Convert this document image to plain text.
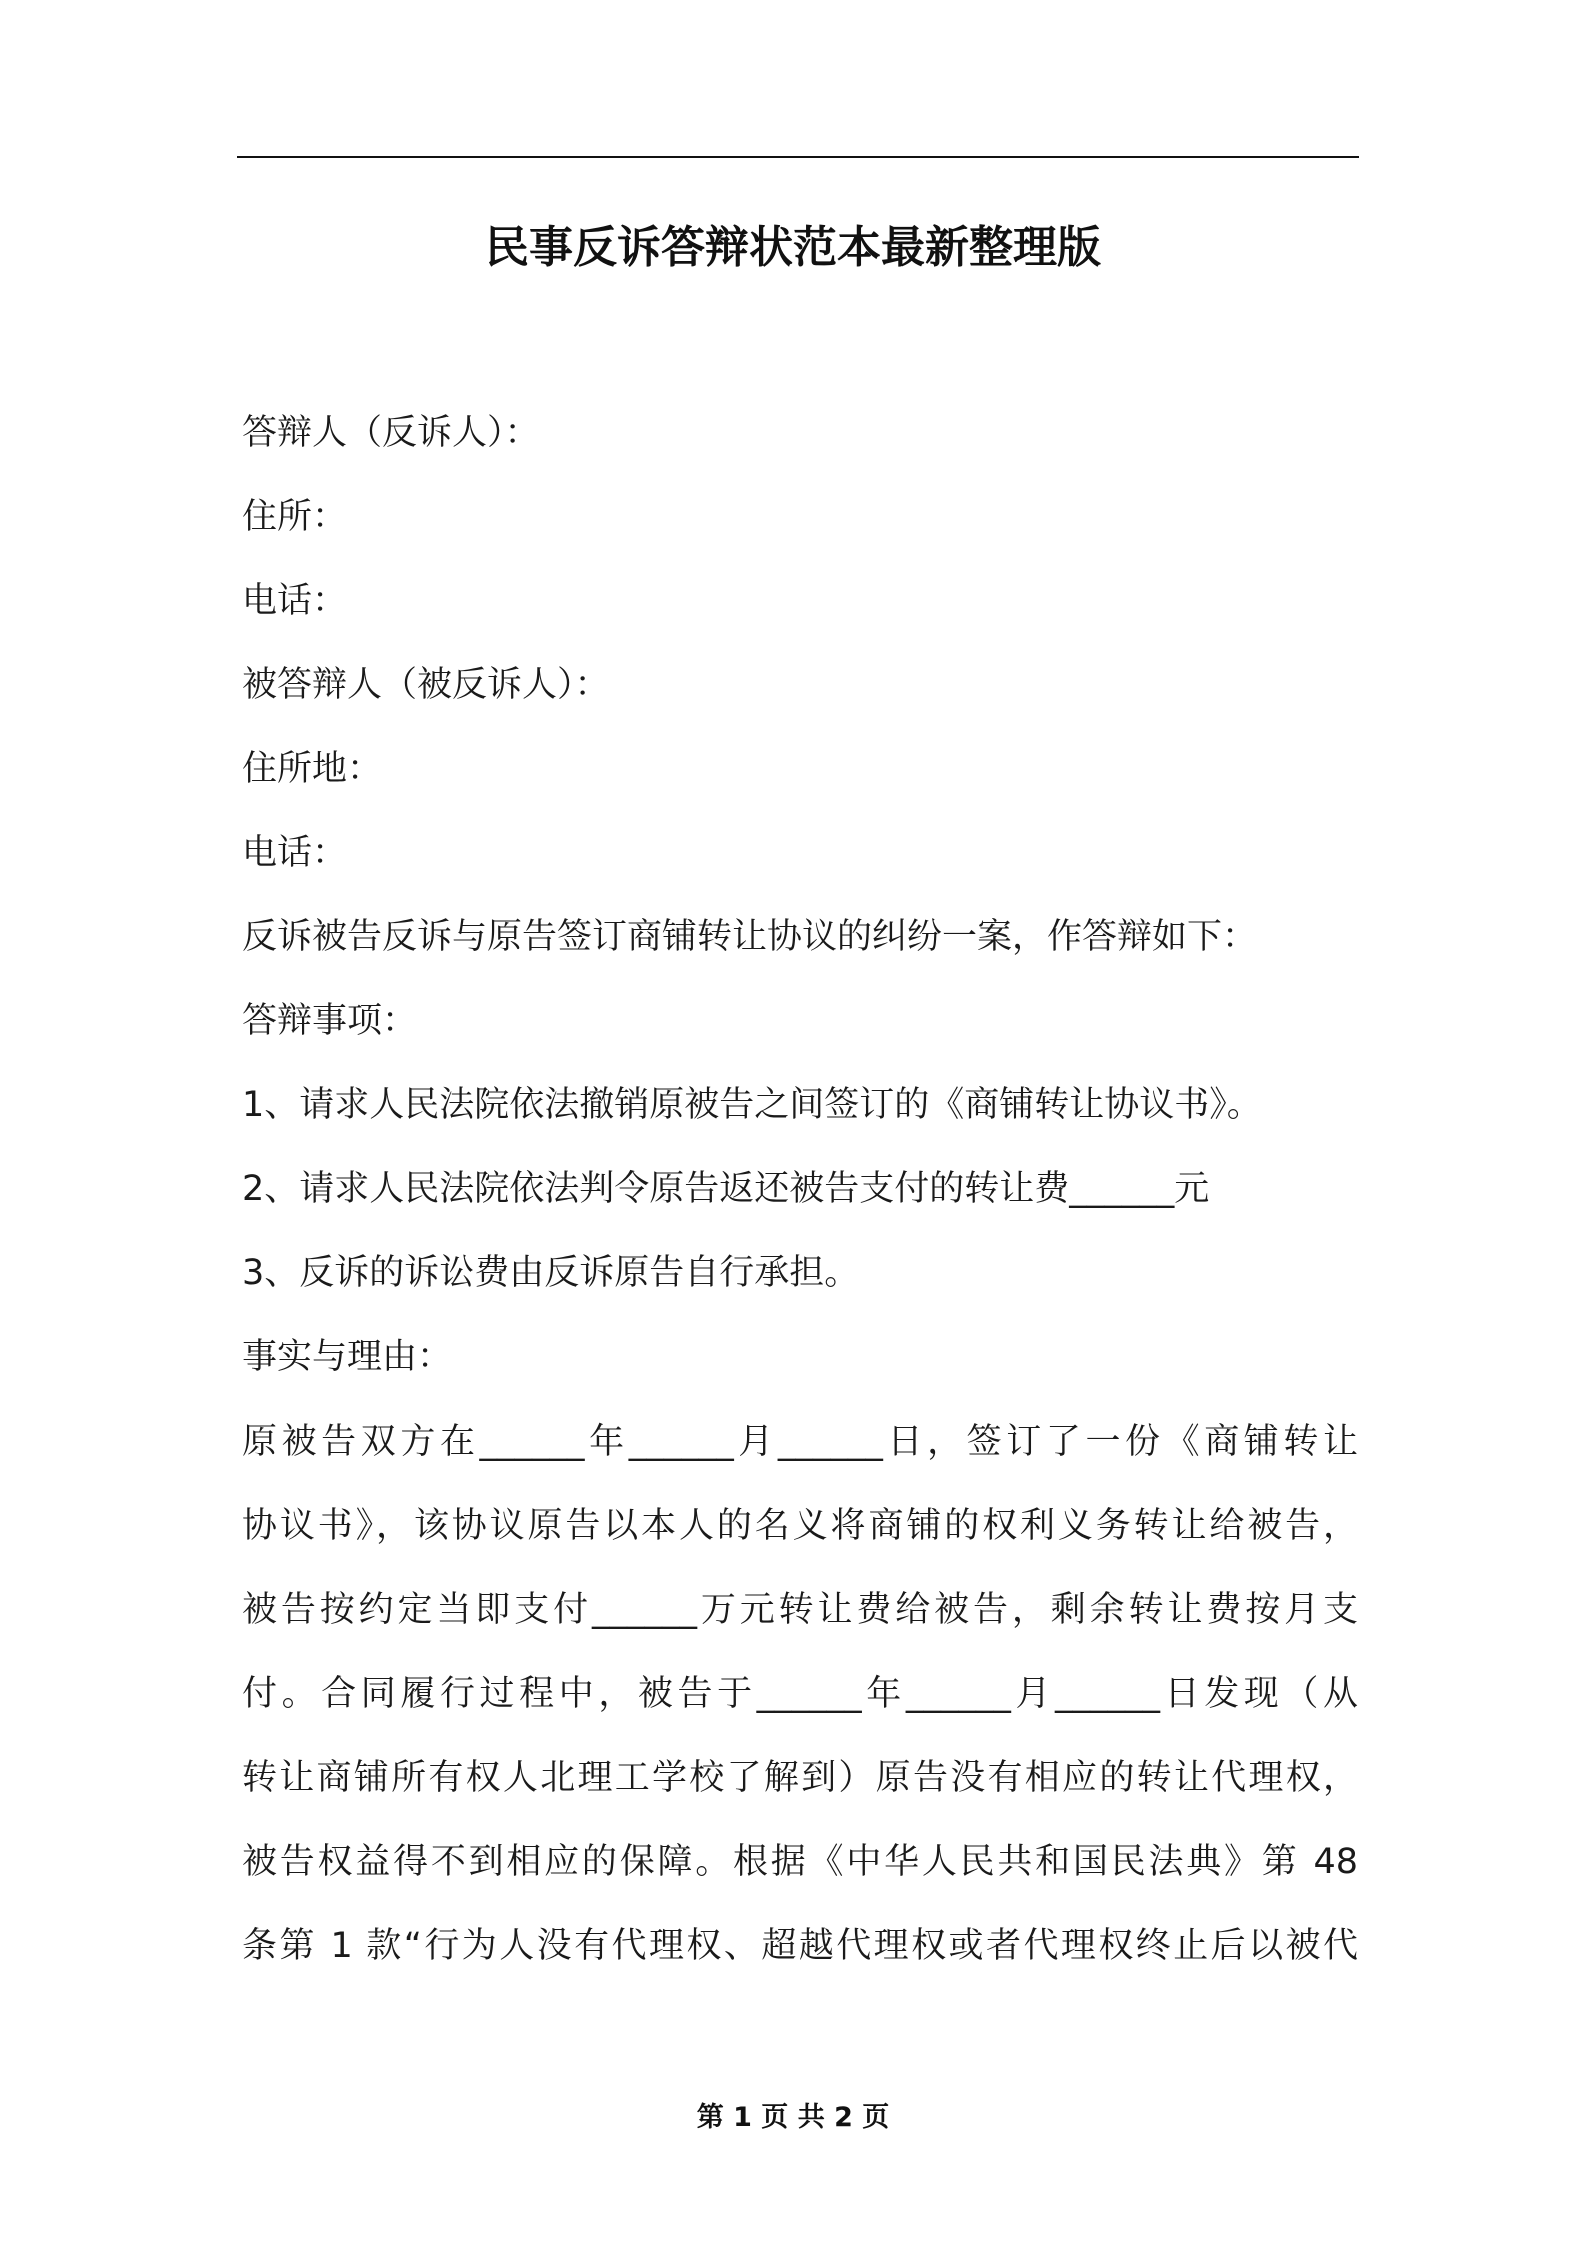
民事反诉答辩状范本最新整理版
答辩人（反诉人）：
住所：
电话：
被答辩人（被反诉人）：
住所地：
电话：
反诉被告反诉与原告签订商铺转让协议的纠纷一案，作答辩如下：
答辩事项：
1、请求人民法院依法撤销原被告之间签订的《商铺转让协议书》。
2、请求人民法院依法判令原告返还被告支付的转让费______元
3、反诉的诉讼费由反诉原告自行承担。
事实与理由：
原被告双方在______年______月______日，签订了一份《商铺转让
协议书》，该协议原告以本人的名义将商铺的权利义务转让给被告，
被告按约定当即支付______万元转让费给被告，剩余转让费按月支
付。合同履行过程中，被告于______年______月______日发现（从
转让商铺所有权人北理工学校了解到）原告没有相应的转让代理权，
被告权益得不到相应的保障。根据《中华人民共和国民法典》第 48
条第 1 款“行为人没有代理权、超越代理权或者代理权终止后以被代
第 1 页 共 2 页
